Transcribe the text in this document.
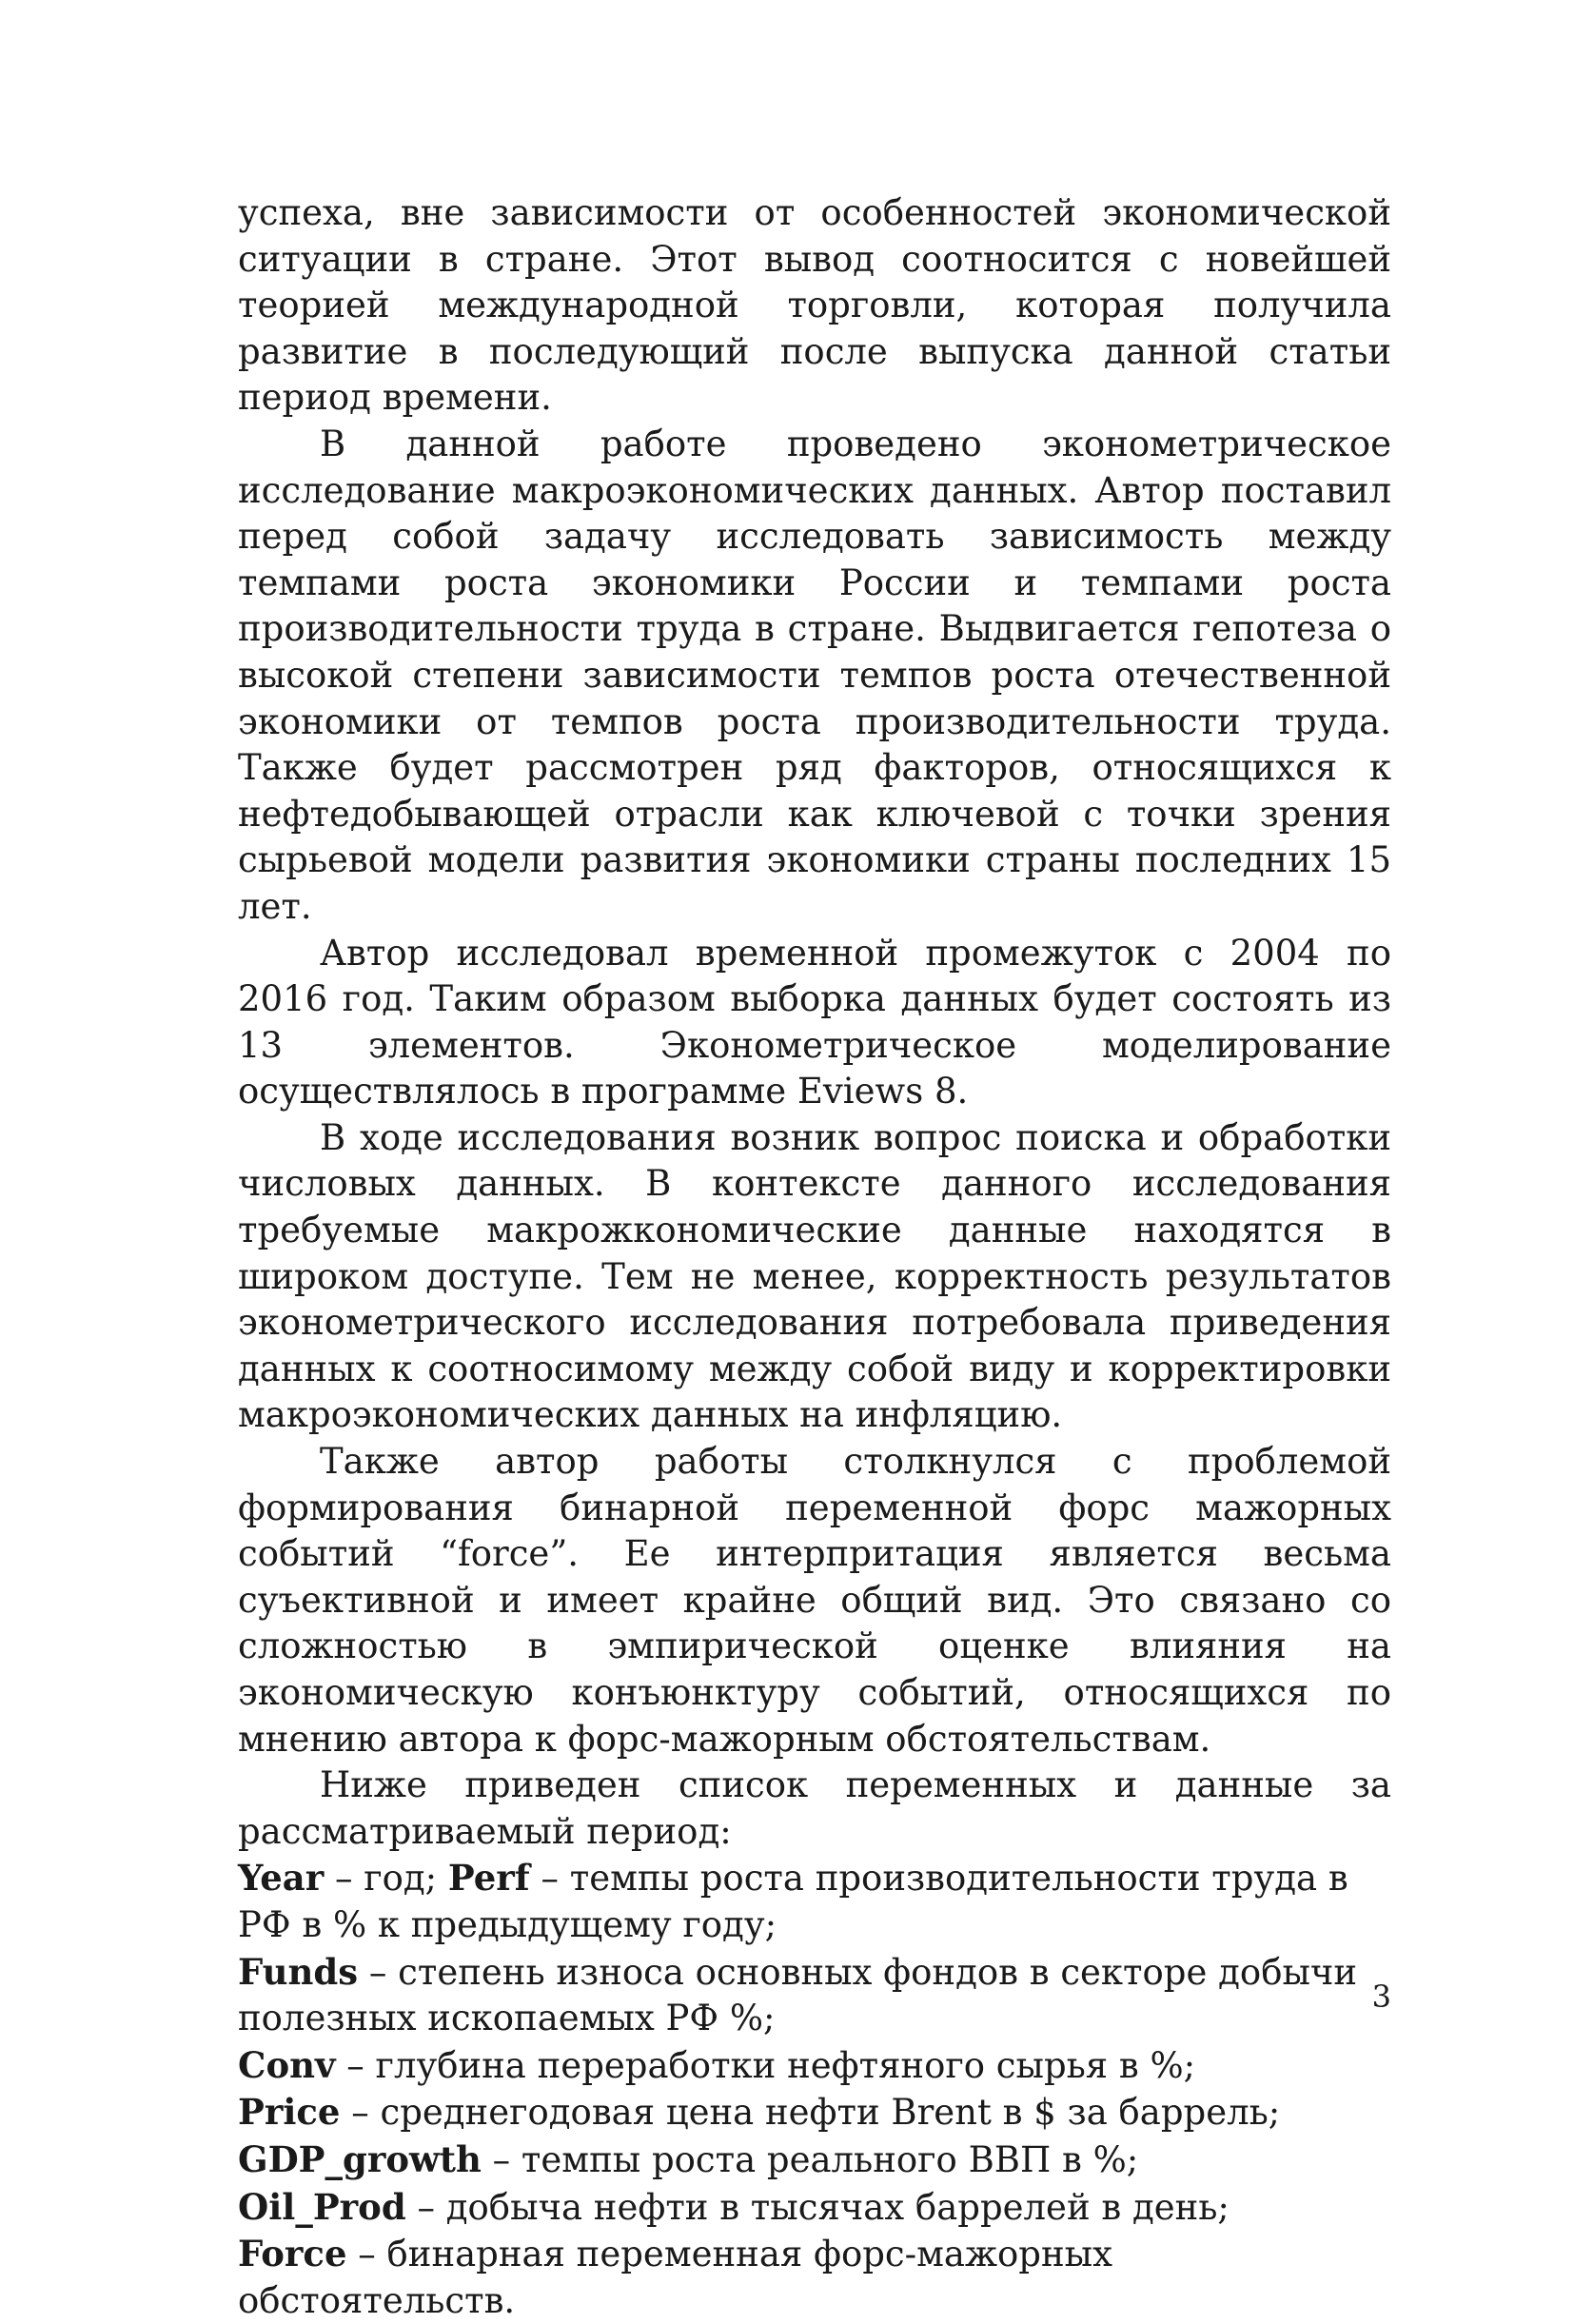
успеха, вне зависимости от особенностей экономической ситуации в стране. Этот вывод соотносится с новейшей теорией международной торговли, которая получила развитие в последующий после выпуска данной статьи период времени.

В данной работе проведено эконометрическое исследование макроэкономических данных. Автор поставил перед собой задачу исследовать зависимость между темпами роста экономики России и темпами роста производительности труда в стране. Выдвигается гепотеза о высокой степени зависимости темпов роста отечественной экономики от темпов роста производительности труда. Также будет рассмотрен ряд факторов, относящихся к нефтедобывающей отрасли как ключевой с точки зрения сырьевой модели развития экономики страны последних 15 лет.

Автор исследовал временной промежуток с 2004 по 2016 год. Таким образом выборка данных будет состоять из 13 элементов. Эконометрическое моделирование осуществлялось в программе Eviews 8.

В ходе исследования возник вопрос поиска и обработки числовых данных. В контексте данного исследования требуемые макрожкономические данные находятся в широком доступе. Тем не менее, корректность результатов эконометрического исследования потребовала приведения данных к соотносимому между собой виду и корректировки макроэкономических данных на инфляцию.

Также автор работы столкнулся с проблемой формирования бинарной переменной форс мажорных событий “force”. Ее интерпритация является весьма суъективной и имеет крайне общий вид. Это связано со сложностью в эмпирической оценке влияния на экономическую конъюнктуру событий, относящихся по мнению автора к форс-мажорным обстоятельствам.

Ниже приведен список переменных и данные за рассматриваемый период:

Year – год; Perf – темпы роста производительности труда в РФ в % к предыдущему году;

Funds – степень износа основных фондов в секторе добычи полезных ископаемых РФ %;

Conv – глубина переработки нефтяного сырья в %;

Price – среднегодовая цена нефти Brent в $ за баррель;

GDP_growth – темпы роста реального ВВП в %;

Oil_Prod – добыча нефти в тысячах баррелей в день;

Force – бинарная переменная форс-мажорных обстоятельств.

3
